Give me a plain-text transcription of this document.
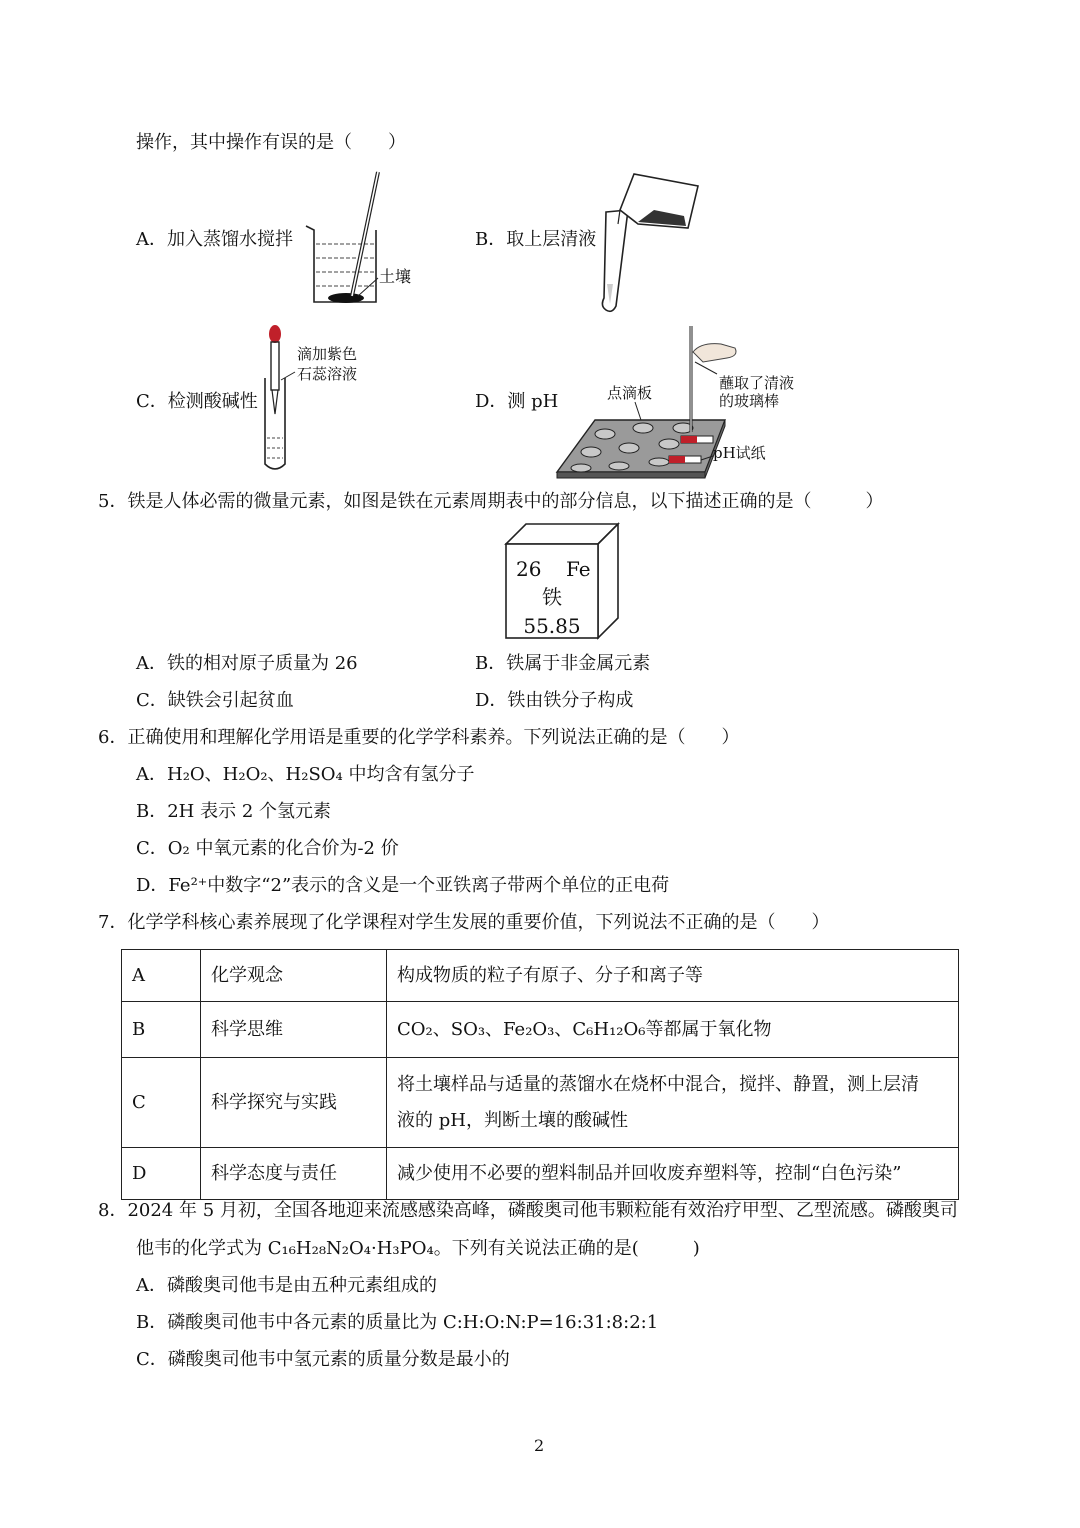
操作，其中操作有误的是（　　）
A．加入蒸馏水搅拌	B．取上层清液
C．检测酸碱性	D．测 pH
土壤
滴加紫色
石蕊溶液
点滴板
蘸取了清液
的玻璃棒
pH试纸
5．铁是人体必需的微量元素，如图是铁在元素周期表中的部分信息，以下描述正确的是（　　　）
26 Fe
铁
55.85
A．铁的相对原子质量为 26	B．铁属于非金属元素
C．缺铁会引起贫血	D．铁由铁分子构成
6．正确使用和理解化学用语是重要的化学学科素养。下列说法正确的是（　　）
A．H₂O、H₂O₂、H₂SO₄ 中均含有氢分子
B．2H 表示 2 个氢元素
C．O₂ 中氧元素的化合价为-2 价
D．Fe²⁺中数字“2”表示的含义是一个亚铁离子带两个单位的正电荷
7．化学学科核心素养展现了化学课程对学生发展的重要价值，下列说法不正确的是（　　）
A	化学观念	构成物质的粒子有原子、分子和离子等
B	科学思维	CO₂、SO₃、Fe₂O₃、C₆H₁₂O₆等都属于氧化物
C	科学探究与实践	将土壤样品与适量的蒸馏水在烧杯中混合，搅拌、静置，测上层清
液的 pH，判断土壤的酸碱性

D	科学态度与责任	减少使用不必要的塑料制品并回收废弃塑料等，控制“白色污染”
8．2024 年 5 月初，全国各地迎来流感感染高峰，磷酸奥司他韦颗粒能有效治疗甲型、乙型流感。磷酸奥司
他韦的化学式为 C₁₆H₂₈N₂O₄·H₃PO₄。下列有关说法正确的是(　　　)
A．磷酸奥司他韦是由五种元素组成的
B．磷酸奥司他韦中各元素的质量比为 C:H:O:N:P=16:31:8:2:1
C．磷酸奥司他韦中氢元素的质量分数是最小的
2
